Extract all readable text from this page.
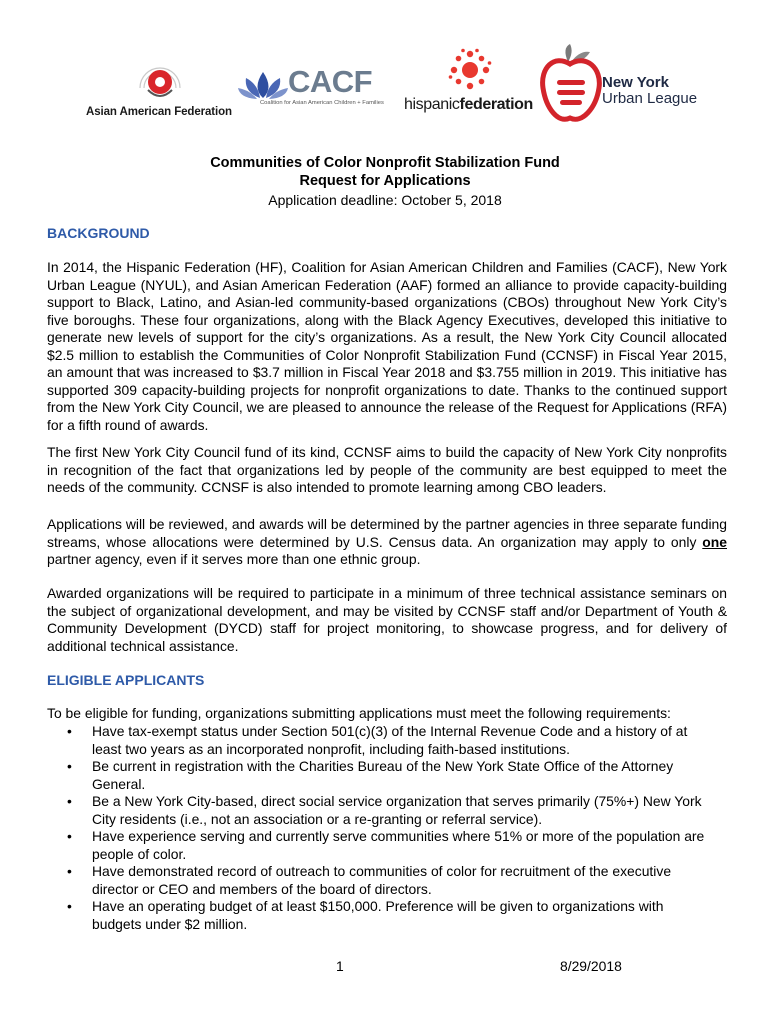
Asian American Federation
CACF
Coalition for Asian American Children + Families hispanicfederation
New York
Urban League
Communities of Color Nonprofit Stabilization Fund
Request for Applications
Application deadline: October 5, 2018
BACKGROUND
In 2014, the Hispanic Federation (HF), Coalition for Asian American Children and Families (CACF), New York Urban League (NYUL), and Asian American Federation (AAF) formed an alliance to provide capacity-building support to Black, Latino, and Asian-led community-based organizations (CBOs) throughout New York City’s five boroughs. These four organizations, along with the Black Agency Executives, developed this initiative to generate new levels of support for the city’s organizations. As a result, the New York City Council allocated $2.5 million to establish the Communities of Color Nonprofit Stabilization Fund (CCNSF) in Fiscal Year 2015, an amount that was increased to $3.7 million in Fiscal Year 2018 and $3.755 million in 2019. This initiative has supported 309 capacity-building projects for nonprofit organizations to date. Thanks to the continued support from the New York City Council, we are pleased to announce the release of the Request for Applications (RFA) for a fifth round of awards.
The first New York City Council fund of its kind, CCNSF aims to build the capacity of New York City nonprofits in recognition of the fact that organizations led by people of the community are best equipped to meet the needs of the community. CCNSF is also intended to promote learning among CBO leaders.
Applications will be reviewed, and awards will be determined by the partner agencies in three separate funding streams, whose allocations were determined by U.S. Census data. An organization may apply to only one partner agency, even if it serves more than one ethnic group.
Awarded organizations will be required to participate in a minimum of three technical assistance seminars on the subject of organizational development, and may be visited by CCNSF staff and/or Department of Youth & Community Development (DYCD) staff for project monitoring, to showcase progress, and for delivery of additional technical assistance.
ELIGIBLE APPLICANTS
To be eligible for funding, organizations submitting applications must meet the following requirements:
• Have tax-exempt status under Section 501(c)(3) of the Internal Revenue Code and a history of at least two years as an incorporated nonprofit, including faith-based institutions.
• Be current in registration with the Charities Bureau of the New York State Office of the Attorney General.
• Be a New York City-based, direct social service organization that serves primarily (75%+) New York City residents (i.e., not an association or a re-granting or referral service).
• Have experience serving and currently serve communities where 51% or more of the population are people of color.
• Have demonstrated record of outreach to communities of color for recruitment of the executive director or CEO and members of the board of directors.
• Have an operating budget of at least $150,000. Preference will be given to organizations with budgets under $2 million.
1	8/29/2018
